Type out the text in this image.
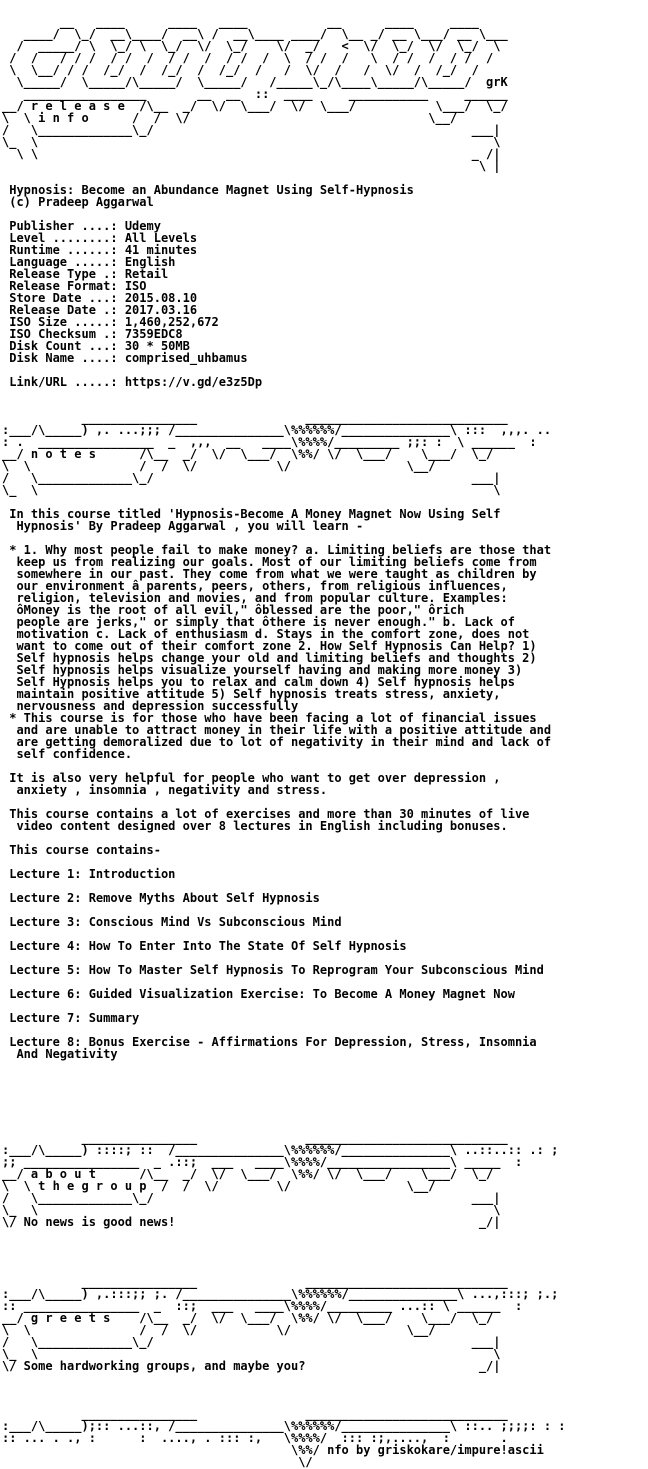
__   ____      ____   ____           __      ____     ____
____/  \_/  __\____/  __\ /  __\____ ____/  \__ _/ __ \___/ __ \___
/  _____/ \  \_/ \  \_/  \/  \_/    \/  _/   <  \/  \_/  \/  \_/  \
/  /   / / /  / /  /  / /  /  / /  /  \  / /  /   \  / /  /  / /  /
\  \__/ / /  /_/  /  /_/  /  /_/  /   /  \/  /   /  \/  /  /_/  /
\_____/  \_____/\_____/  \_____/   /_____\_/\____\_____/\_____/  grK
_________________       __  __  ::  ____     ___________     ______
__/ r e l e a s e  /\__  _/  \/  \___/  \/  \___/           \___/  \_/
\  \ i n f o      /  /  \/                                 \__/
/   \_____________\_/                                            ___|
\_  \                                                               \
\ \                                                            _ /|
\ |
Hypnosis: Become an Abundance Magnet Using Self-Hypnosis
(c) Pradeep Aggarwal
Publisher ....: Udemy
Level ........: All Levels
Runtime ......: 41 minutes
Language .....: English
Release Type .: Retail
Release Format: ISO
Store Date ...: 2015.08.10
Release Date .: 2017.03.16
ISO Size .....: 1,460,252,672
ISO Checksum .: 7359EDC8
Disk Count ...: 30 * 50MB
Disk Name ....: comprised_uhbamus
Link/URL .....: https://v.gd/e3z5Dp
________________               ____________________________
:___/\_____) ,. ...;;; /_______________\%%%%%%/_______________\ :::  ,,,. ..
: .  ________________  _  ,,,  __   ____\%%%%/_________ ;;: :  \ ______  :
__/ n o t e s      /\__  _/  \/  \___/  \%%/ \/  \___/    \___/  \_/
\  \               /  /  \/           \/                \__/
/   \_____________\_/                                            ___|
\_  \                                                               \
In this course titled 'Hypnosis-Become A Money Magnet Now Using Self
Hypnosis' By Pradeep Aggarwal , you will learn -
* 1. Why most people fail to make money? a. Limiting beliefs are those that
keep us from realizing our goals. Most of our limiting beliefs come from
somewhere in our past. They come from what we were taught as children by
our environment â parents, peers, others, from religious influences,
religion, television and movies, and from popular culture. Examples:
ôMoney is the root of all evil," ôblessed are the poor," ôrich
people are jerks," or simply that ôthere is never enough." b. Lack of
motivation c. Lack of enthusiasm d. Stays in the comfort zone, does not
want to come out of their comfort zone 2. How Self Hypnosis Can Help? 1)
Self hypnosis helps change your old and limiting beliefs and thoughts 2)
Self hypnosis helps visualize yourself having and making more money 3)
Self Hypnosis helps you to relax and calm down 4) Self hypnosis helps
maintain positive attitude 5) Self hypnosis treats stress, anxiety,
nervousness and depression successfully
* This course is for those who have been facing a lot of financial issues
and are unable to attract money in their life with a positive attitude and
are getting demoralized due to lot of negativity in their mind and lack of
self confidence.
It is also very helpful for people who want to get over depression ,
anxiety , insomnia , negativity and stress.
This course contains a lot of exercises and more than 30 minutes of live
video content designed over 8 lectures in English including bonuses.
This course contains-
Lecture 1: Introduction
Lecture 2: Remove Myths About Self Hypnosis
Lecture 3: Conscious Mind Vs Subconscious Mind
Lecture 4: How To Enter Into The State Of Self Hypnosis
Lecture 5: How To Master Self Hypnosis To Reprogram Your Subconscious Mind
Lecture 6: Guided Visualization Exercise: To Become A Money Magnet Now
Lecture 7: Summary
Lecture 8: Bonus Exercise - Affirmations For Depression, Stress, Insomnia
And Negativity
________________               ____________________________
:___/\_____) ::::; ::  /_______________\%%%%%%/_______________\ ..::..:: .: ;
;; ________________  _ .::;  ___   ____\%%%%/_________________\ _____  :
__/ a b o u t      /\__  _/  \/  \___/  \%%/ \/  \___/    \___/  \_/
\  \ t h e g r o u p  /  /  \/        \/                \__/
/   \_____________\_/                                            ___|
\_  \                                                               \
\/ No news is good news!                                          _/|
________________               ____________________________
:___/\_____) ,.:::;; ;. /_______________\%%%%%%/_______________\ ...,:::; ;.;
:: ________________  _  ::;  ___   ____\%%%%/_________ ...:: \ ______  :
__/ g r e e t s    /\__  _/  \/  \___/  \%%/ \/  \___/    \___/  \_/
\  \               /  /  \/           \/                \__/
/   \_____________\_/                                            ___|
\_  \                                                               \
\/ Some hardworking groups, and maybe you?                        _/|
________________               ____________________________
:___/\_____);:: ...::, /_______________\%%%%%%/_______________\ ::.. ;;;;: : :
:: ... . ., :      :  ...., . ::: :,   \%%%%/  ::: :;,....,  :       .
\%%/ nfo by griskokare/impure!ascii
\/
